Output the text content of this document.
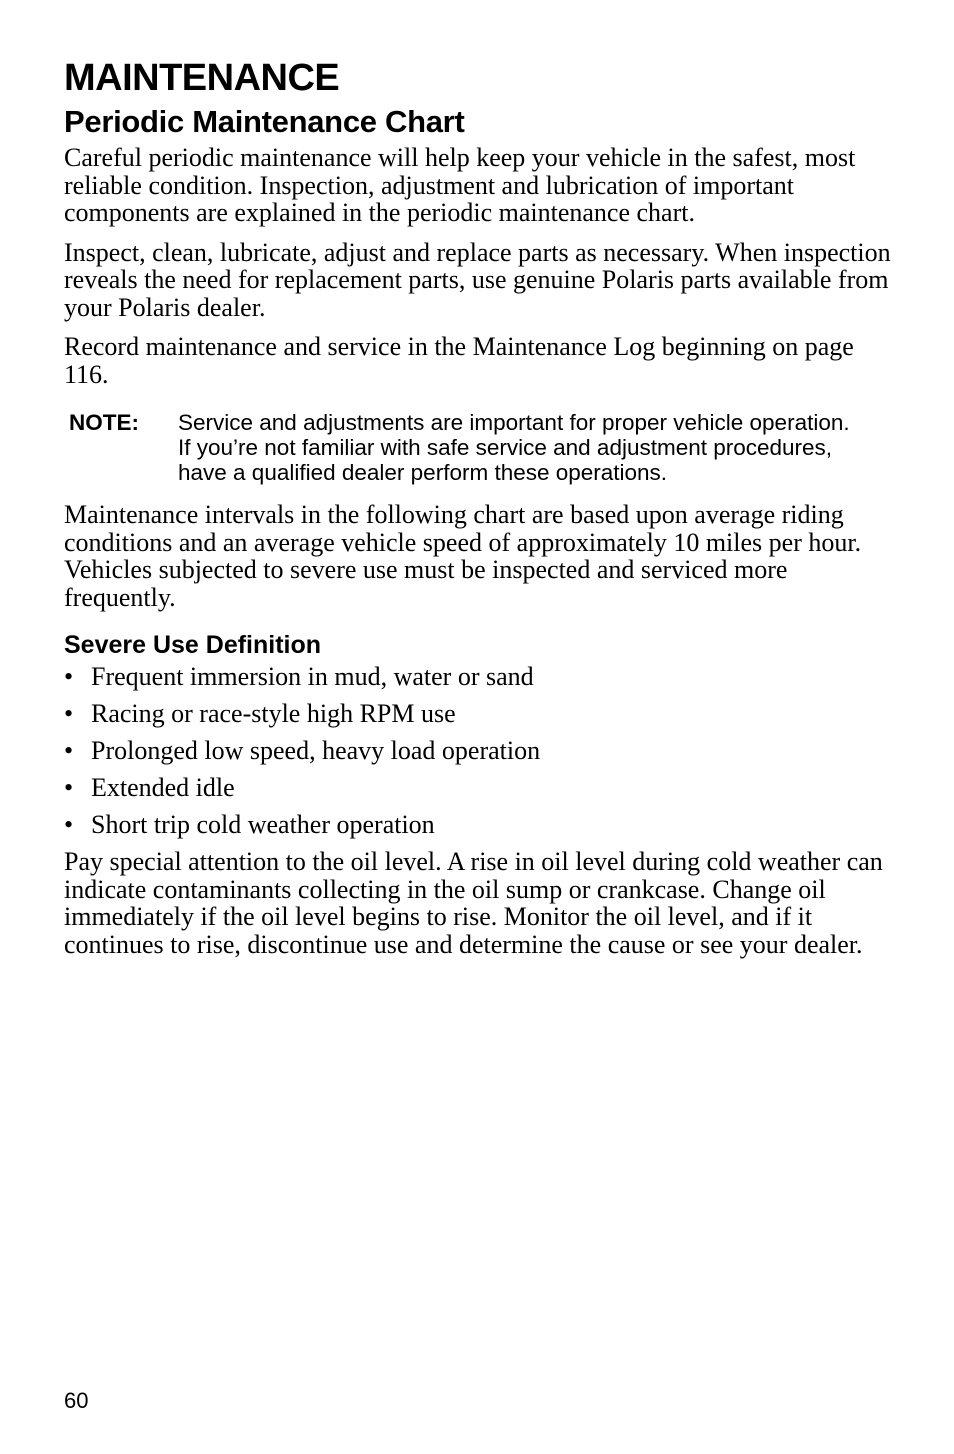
MAINTENANCE
Periodic Maintenance Chart

Careful periodic maintenance will help keep your vehicle in the safest, most reliable condition. Inspection, adjustment and lubrication of important components are explained in the periodic maintenance chart.

Inspect, clean, lubricate, adjust and replace parts as necessary. When inspection reveals the need for replacement parts, use genuine Polaris parts available from your Polaris dealer.

Record maintenance and service in the Maintenance Log beginning on page 116.

NOTE:	Service and adjustments are important for proper vehicle operation. If you’re not familiar with safe service and adjustment procedures, have a qualified dealer perform these operations.

Maintenance intervals in the following chart are based upon average riding conditions and an average vehicle speed of approximately 10 miles per hour. Vehicles subjected to severe use must be inspected and serviced more frequently.

Severe Use Definition
• Frequent immersion in mud, water or sand
• Racing or race-style high RPM use
• Prolonged low speed, heavy load operation
• Extended idle
• Short trip cold weather operation

Pay special attention to the oil level. A rise in oil level during cold weather can indicate contaminants collecting in the oil sump or crankcase. Change oil immediately if the oil level begins to rise. Monitor the oil level, and if it continues to rise, discontinue use and determine the cause or see your dealer.

60
